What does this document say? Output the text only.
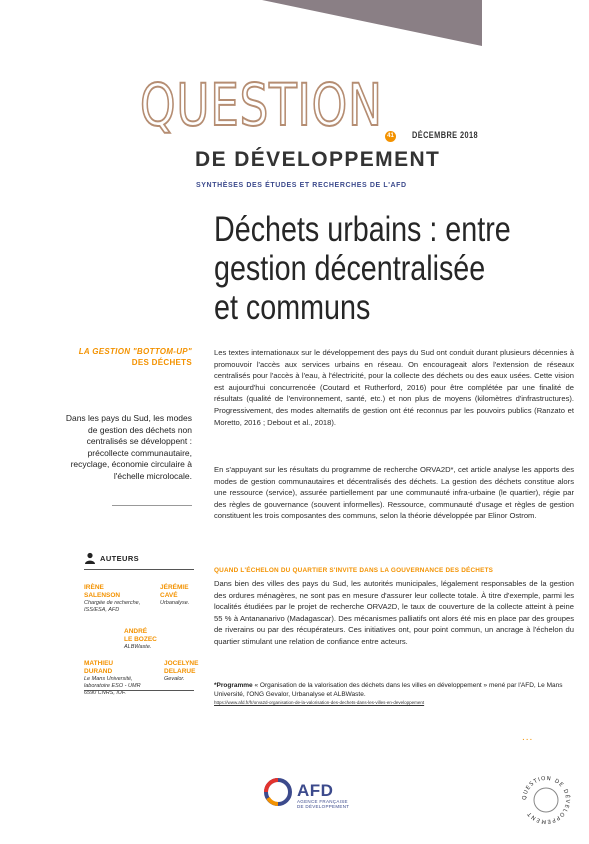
QUESTION 41 DÉCEMBRE 2018
DE DÉVELOPPEMENT
SYNTHÈSES DES ÉTUDES ET RECHERCHES DE L'AFD
Déchets urbains : entre
gestion décentralisée
et communs
LA GESTION "BOTTOM-UP"
DES DÉCHETS
Dans les pays du Sud, les modes de gestion des déchets non centralisés se développent : précollecte communautaire, recyclage, économie circulaire à l'échelle microlocale.
AUTEURS
IRÈNE
SALENSON
Chargée de recherche, ISS/ESA, AFD
JÉRÉMIE
CAVÉ
Urbanalyse.
ANDRÉ
LE BOZEC
ALBWaste.
MATHIEU
DURAND
Le Mans Université, laboratoire ESO - UMR 6590 CNRS, IUF.
JOCELYNE
DELARUE
Gevalor.

Les textes internationaux sur le développement des pays du Sud ont conduit durant plusieurs décennies à promouvoir l'accès aux services urbains en réseau. On encourageait alors l'extension de réseaux centralisés pour l'accès à l'eau, à l'électricité, pour la collecte des déchets ou des eaux usées. Cette vision est aujourd'hui concurrencée (Coutard et Rutherford, 2016) pour être complétée par une finalité de résultats (qualité de l'environnement, santé, etc.) et non plus de moyens (kilomètres d'infrastructures). Progressivement, des modes alternatifs de gestion ont été reconnus par les pouvoirs publics (Ranzato et Moretto, 2016 ; Debout et al., 2018).

En s'appuyant sur les résultats du programme de recherche ORVA2D*, cet article analyse les apports des modes de gestion communautaires et décentralisés des déchets. La gestion des déchets constitue alors une ressource (service), assurée partiellement par une communauté infra-urbaine (le quartier), régie par des règles de gouvernance (souvent informelles). Ressource, communauté d'usage et règles de gestion constituent les trois composantes des communs, selon la théorie développée par Elinor Ostrom.

QUAND L'ÉCHELON DU QUARTIER S'INVITE DANS LA GOUVERNANCE DES DÉCHETS

Dans bien des villes des pays du Sud, les autorités municipales, légalement responsables de la gestion des ordures ménagères, ne sont pas en mesure d'assurer leur collecte totale. À titre d'exemple, parmi les localités étudiées par le projet de recherche ORVA2D, le taux de couverture de la collecte atteint à peine 55 % à Antananarivo (Madagascar). Des mécanismes palliatifs ont alors été mis en place par des groupes de riverains ou par des récupérateurs. Ces initiatives ont, pour point commun, un ancrage à l'échelon du quartier stimulant une relation de confiance entre acteurs.

*Programme « Organisation de la valorisation des déchets dans les villes en développement » mené par l'AFD, Le Mans Université, l'ONG Gevalor, Urbanalyse et ALBWaste.
https://www.afd.fr/fr/orva2d-organisation-de-la-valorisation-des-dechets-dans-les-villes-en-developpement
...
AFD
AGENCE FRANÇAISE
DE DÉVELOPPEMENT
QUESTION DE DÉVELOPPEMENT
